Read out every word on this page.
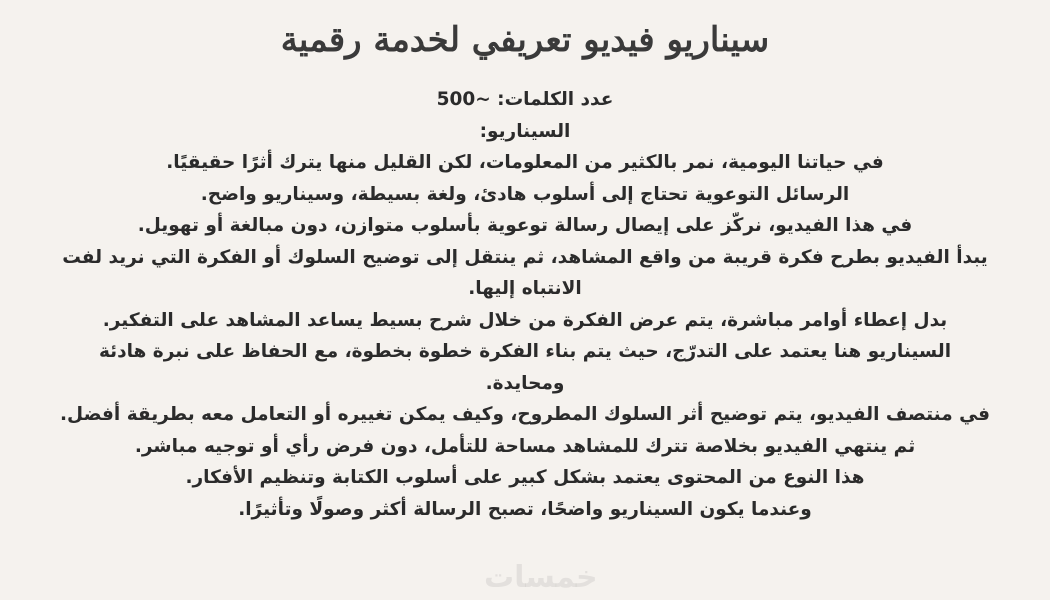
سيناريو فيديو تعريفي لخدمة رقمية
عدد الكلمات: ~500
السيناريو:
في حياتنا اليومية، نمر بالكثير من المعلومات، لكن القليل منها يترك أثرًا حقيقيًا.
الرسائل التوعوية تحتاج إلى أسلوب هادئ، ولغة بسيطة، وسيناريو واضح.
في هذا الفيديو، نركّز على إيصال رسالة توعوية بأسلوب متوازن، دون مبالغة أو تهويل.
يبدأ الفيديو بطرح فكرة قريبة من واقع المشاهد، ثم ينتقل إلى توضيح السلوك أو الفكرة التي نريد لفت الانتباه إليها.
بدل إعطاء أوامر مباشرة، يتم عرض الفكرة من خلال شرح بسيط يساعد المشاهد على التفكير.
السيناريو هنا يعتمد على التدرّج، حيث يتم بناء الفكرة خطوة بخطوة، مع الحفاظ على نبرة هادئة ومحايدة.
في منتصف الفيديو، يتم توضيح أثر السلوك المطروح، وكيف يمكن تغييره أو التعامل معه بطريقة أفضل.
ثم ينتهي الفيديو بخلاصة تترك للمشاهد مساحة للتأمل، دون فرض رأي أو توجيه مباشر.
هذا النوع من المحتوى يعتمد بشكل كبير على أسلوب الكتابة وتنظيم الأفكار.
وعندما يكون السيناريو واضحًا، تصبح الرسالة أكثر وصولًا وتأثيرًا.
خمسات
